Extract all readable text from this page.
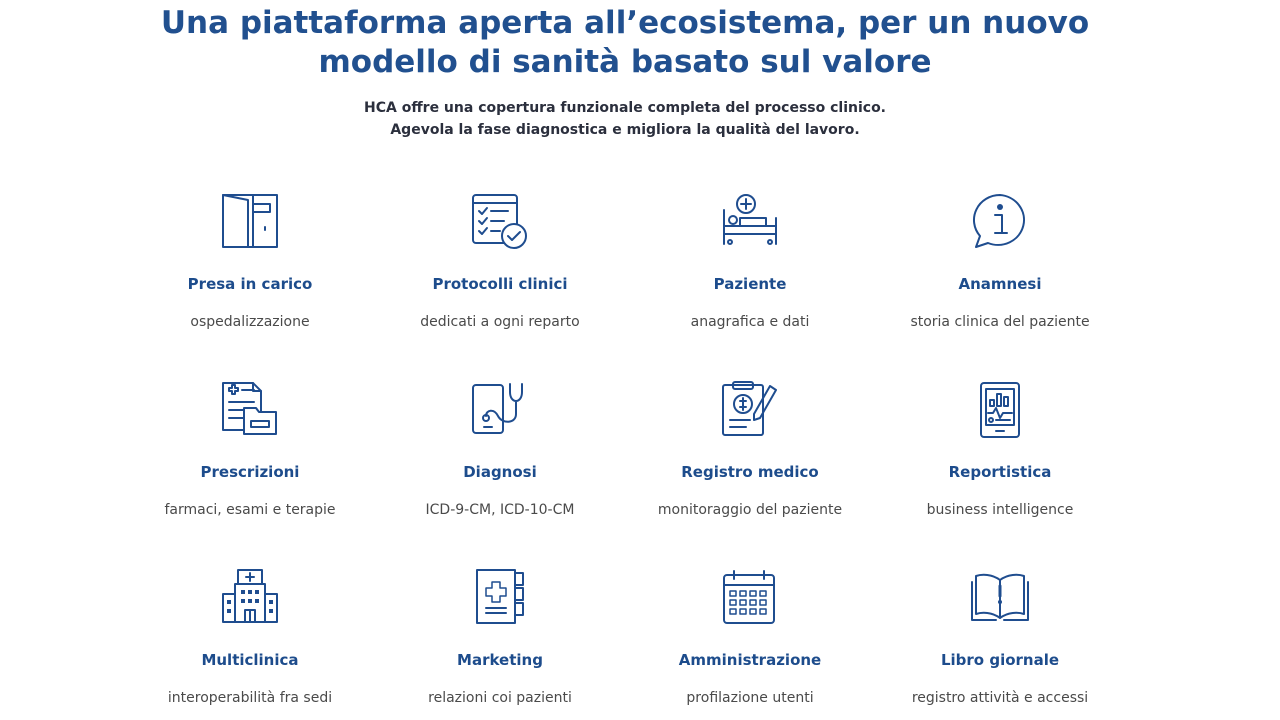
Una piattaforma aperta all’ecosistema, per un nuovo
modello di sanità basato sul valore

HCA offre una copertura funzionale completa del processo clinico.
Agevola la fase diagnostica e migliora la qualità del lavoro.

Presa in carico
ospedalizzazione
Protocolli clinici
dedicati a ogni reparto
Paziente
anagrafica e dati
Anamnesi
storia clinica del paziente
Prescrizioni
farmaci, esami e terapie
Diagnosi
ICD-9-CM, ICD-10-CM
Registro medico
monitoraggio del paziente
Reportistica
business intelligence
Multiclinica
interoperabilità fra sedi
Marketing
relazioni coi pazienti
Amministrazione
profilazione utenti
Libro giornale
registro attività e accessi
